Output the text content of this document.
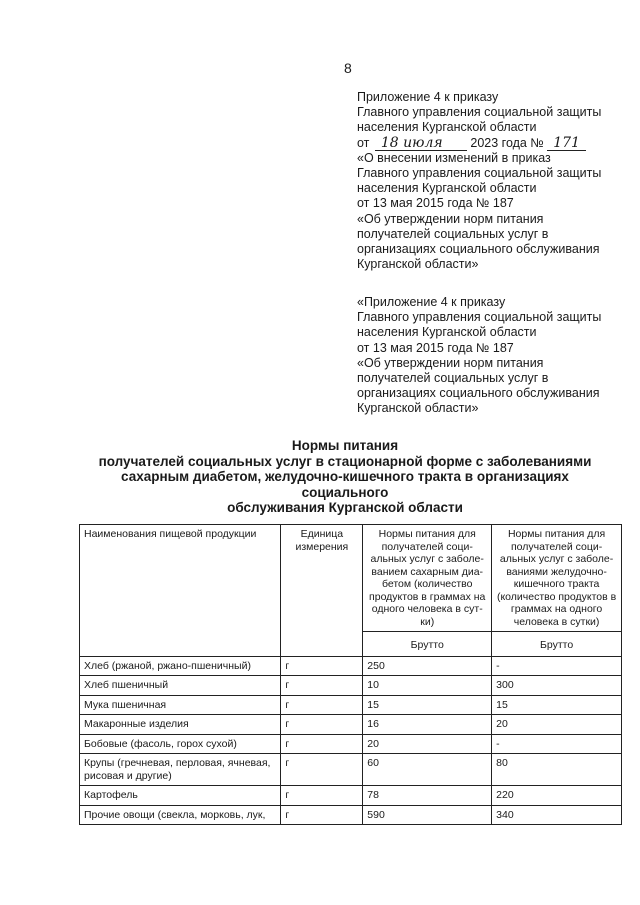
8
Приложение 4 к приказу
Главного управления социальной защиты
населения Курганской области
от 18 июля 2023 года № 171
«О внесении изменений в приказ
Главного управления социальной защиты
населения Курганской области
от 13 мая 2015 года № 187
«Об утверждении норм питания
получателей социальных услуг в
организациях социального обслуживания
Курганской области»
«Приложение 4 к приказу
Главного управления социальной защиты
населения Курганской области
от 13 мая 2015 года № 187
«Об утверждении норм питания
получателей социальных услуг в
организациях социального обслуживания
Курганской области»
Нормы питания
получателей социальных услуг в стационарной форме с заболеваниями
сахарным диабетом, желудочно-кишечного тракта в организациях социального
обслуживания Курганской области
Наименования пищевой продукции	Единица измерения	Нормы питания для получателей соци- альных услуг с заболе- ванием сахарным диа- бетом (количество продуктов в граммах на одного человека в сут- ки)	Нормы питания для получателей соци- альных услуг с заболе- ваниями желудочно- кишечного тракта (количество продуктов в граммах на одного человека в сутки)
		Брутто	Брутто
Хлеб (ржаной, ржано-пшеничный)	г	250	-
Хлеб пшеничный	г	10	300
Мука пшеничная	г	15	15
Макаронные изделия	г	16	20
Бобовые (фасоль, горох сухой)	г	20	-
Крупы (гречневая, перловая, ячневая, рисовая и другие)	г	60	80
Картофель	г	78	220
Прочие овощи (свекла, морковь, лук,	г	590	340
